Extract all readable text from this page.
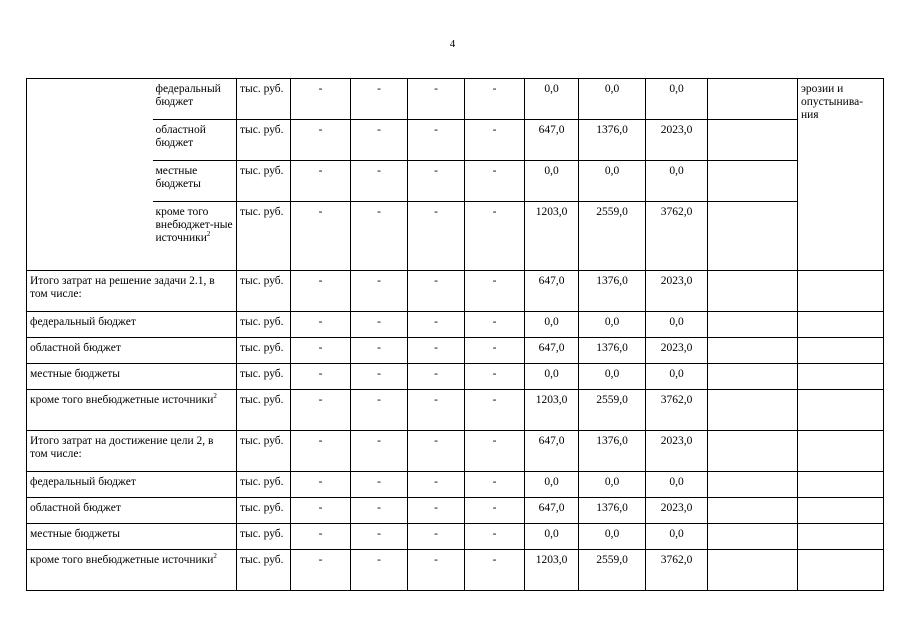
4
	федеральный бюджет	тыс. руб.	-	-	-	-	0,0	0,0	0,0		эрозии и опустынива-ния
	областной бюджет	тыс. руб.	-	-	-	-	647,0	1376,0	2023,0		
	местные бюджеты	тыс. руб.	-	-	-	-	0,0	0,0	0,0		
	кроме того внебюджет-ные источники$^2$	тыс. руб.	-	-	-	-	1203,0	2559,0	3762,0		
Итого затрат на решение задачи 2.1, в том числе:		тыс. руб.	-	-	-	-	647,0	1376,0	2023,0		
федеральный бюджет		тыс. руб.	-	-	-	-	0,0	0,0	0,0		
областной бюджет		тыс. руб.	-	-	-	-	647,0	1376,0	2023,0		
местные бюджеты		тыс. руб.	-	-	-	-	0,0	0,0	0,0		
кроме того внебюджетные источники$^2$		тыс. руб.	-	-	-	-	1203,0	2559,0	3762,0		
Итого затрат на достижение цели 2, в том числе:		тыс. руб.	-	-	-	-	647,0	1376,0	2023,0		
федеральный бюджет		тыс. руб.	-	-	-	-	0,0	0,0	0,0		
областной бюджет		тыс. руб.	-	-	-	-	647,0	1376,0	2023,0		
местные бюджеты		тыс. руб.	-	-	-	-	0,0	0,0	0,0		
кроме того внебюджетные источники$^2$		тыс. руб.	-	-	-	-	1203,0	2559,0	3762,0		
